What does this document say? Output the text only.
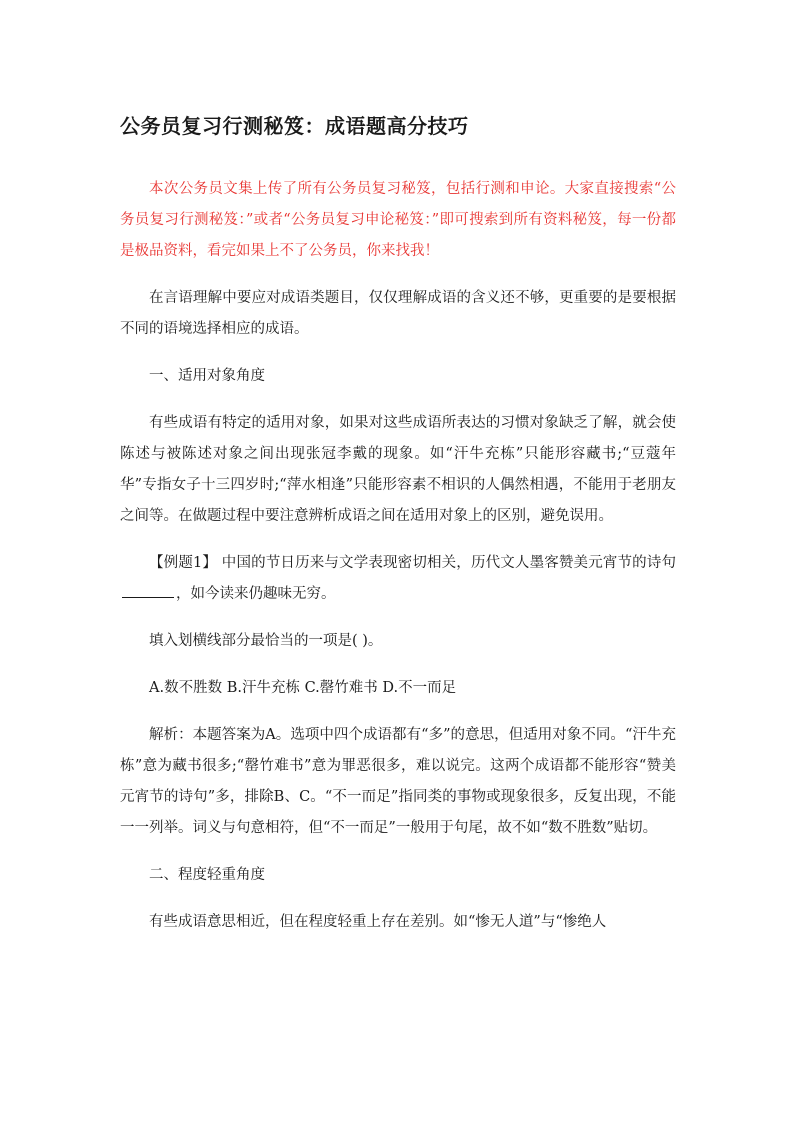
公务员复习行测秘笈：成语题高分技巧

本次公务员文集上传了所有公务员复习秘笈，包括行测和申论。大家直接搜索“公务员复习行测秘笈：”或者“公务员复习申论秘笈：”即可搜索到所有资料秘笈，每一份都是极品资料，看完如果上不了公务员，你来找我！

在言语理解中要应对成语类题目，仅仅理解成语的含义还不够，更重要的是要根据不同的语境选择相应的成语。

一、适用对象角度

有些成语有特定的适用对象，如果对这些成语所表达的习惯对象缺乏了解，就会使陈述与被陈述对象之间出现张冠李戴的现象。如“汗牛充栋”只能形容藏书;“豆蔻年华”专指女子十三四岁时;“萍水相逢”只能形容素不相识的人偶然相遇，不能用于老朋友之间等。在做题过程中要注意辨析成语之间在适用对象上的区别，避免误用。

【例题1】 中国的节日历来与文学表现密切相关，历代文人墨客赞美元宵节的诗句，如今读来仍趣味无穷。

填入划横线部分最恰当的一项是( )。

A.数不胜数 B.汗牛充栋 C.罄竹难书 D.不一而足

解析：本题答案为A。选项中四个成语都有“多”的意思，但适用对象不同。“汗牛充栋”意为藏书很多;“罄竹难书”意为罪恶很多，难以说完。这两个成语都不能形容“赞美元宵节的诗句”多，排除B、C。“不一而足”指同类的事物或现象很多，反复出现，不能一一列举。词义与句意相符，但“不一而足”一般用于句尾，故不如“数不胜数”贴切。

二、程度轻重角度

有些成语意思相近，但在程度轻重上存在差别。如“惨无人道”与“惨绝人
